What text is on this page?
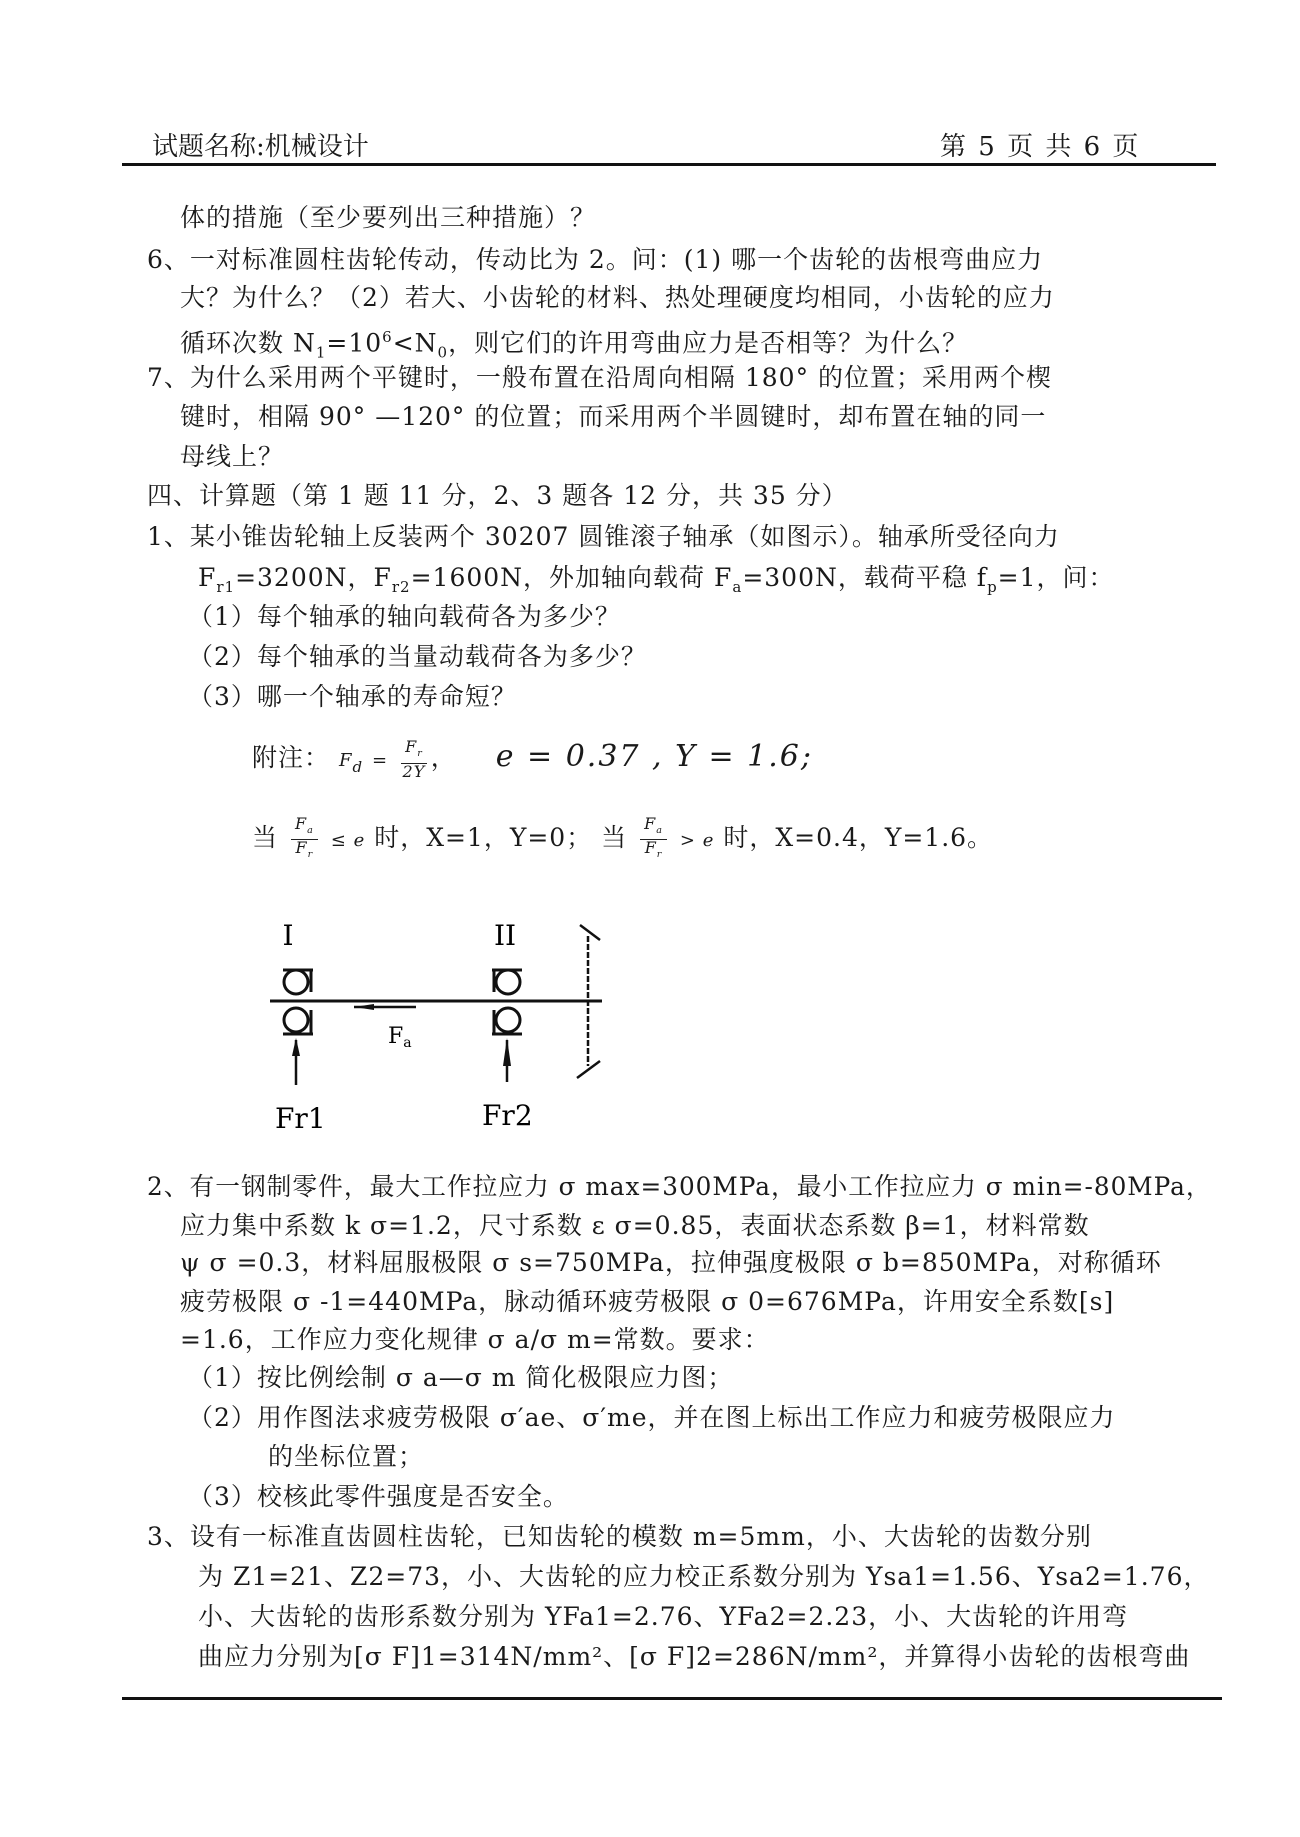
试题名称:机械设计	第 5 页 共 6 页
体的措施（至少要列出三种措施）？
6、一对标准圆柱齿轮传动，传动比为 2。问：(1) 哪一个齿轮的齿根弯曲应力
大？为什么？（2）若大、小齿轮的材料、热处理硬度均相同，小齿轮的应力
循环次数 $N_1=10^6<N_0$，则它们的许用弯曲应力是否相等？为什么？
7、为什么采用两个平键时，一般布置在沿周向相隔 180° 的位置；采用两个楔
键时，相隔 90° —120° 的位置；而采用两个半圆键时，却布置在轴的同一
母线上？
四、计算题（第 1 题 11 分，2、3 题各 12 分，共 35 分）
1、某小锥齿轮轴上反装两个 30207 圆锥滚子轴承（如图示）。轴承所受径向力
$F_{r1}=3200N$，$F_{r2}=1600N$，外加轴向载荷 $F_a=300N$，载荷平稳 $f_p=1$，问：
（1）每个轴承的轴向载荷各为多少？
（2）每个轴承的当量动载荷各为多少？
（3）哪一个轴承的寿命短？
附注： $F_d = \frac{F_r}{2Y}$ ， e = 0.37 , Y = 1.6;
当 $\frac{F_a}{F_r} \le e$ 时，X=1，Y=0； 当 $\frac{F_a}{F_r} > e$ 时，X=0.4，Y=1.6。
I	II
Fa
Fr1	Fr2
2、有一钢制零件，最大工作拉应力 σ max=300MPa，最小工作拉应力 σ min=-80MPa，
应力集中系数 k σ=1.2，尺寸系数 ε σ=0.85，表面状态系数 β=1，材料常数
ψ σ =0.3，材料屈服极限 σ s=750MPa，拉伸强度极限 σ b=850MPa，对称循环
疲劳极限 σ -1=440MPa，脉动循环疲劳极限 σ 0=676MPa，许用安全系数[s]
=1.6，工作应力变化规律 σ a/σ m=常数。要求：
（1）按比例绘制 σ a—σ m 简化极限应力图；
（2）用作图法求疲劳极限 σ′ae、σ′me，并在图上标出工作应力和疲劳极限应力
的坐标位置；
（3）校核此零件强度是否安全。
3、设有一标准直齿圆柱齿轮，已知齿轮的模数 m=5mm，小、大齿轮的齿数分别
为 Z1=21、Z2=73，小、大齿轮的应力校正系数分别为 Ysa1=1.56、Ysa2=1.76，
小、大齿轮的齿形系数分别为 YFa1=2.76、YFa2=2.23，小、大齿轮的许用弯
曲应力分别为[σ F]1=314N/mm²、[σ F]2=286N/mm²，并算得小齿轮的齿根弯曲
